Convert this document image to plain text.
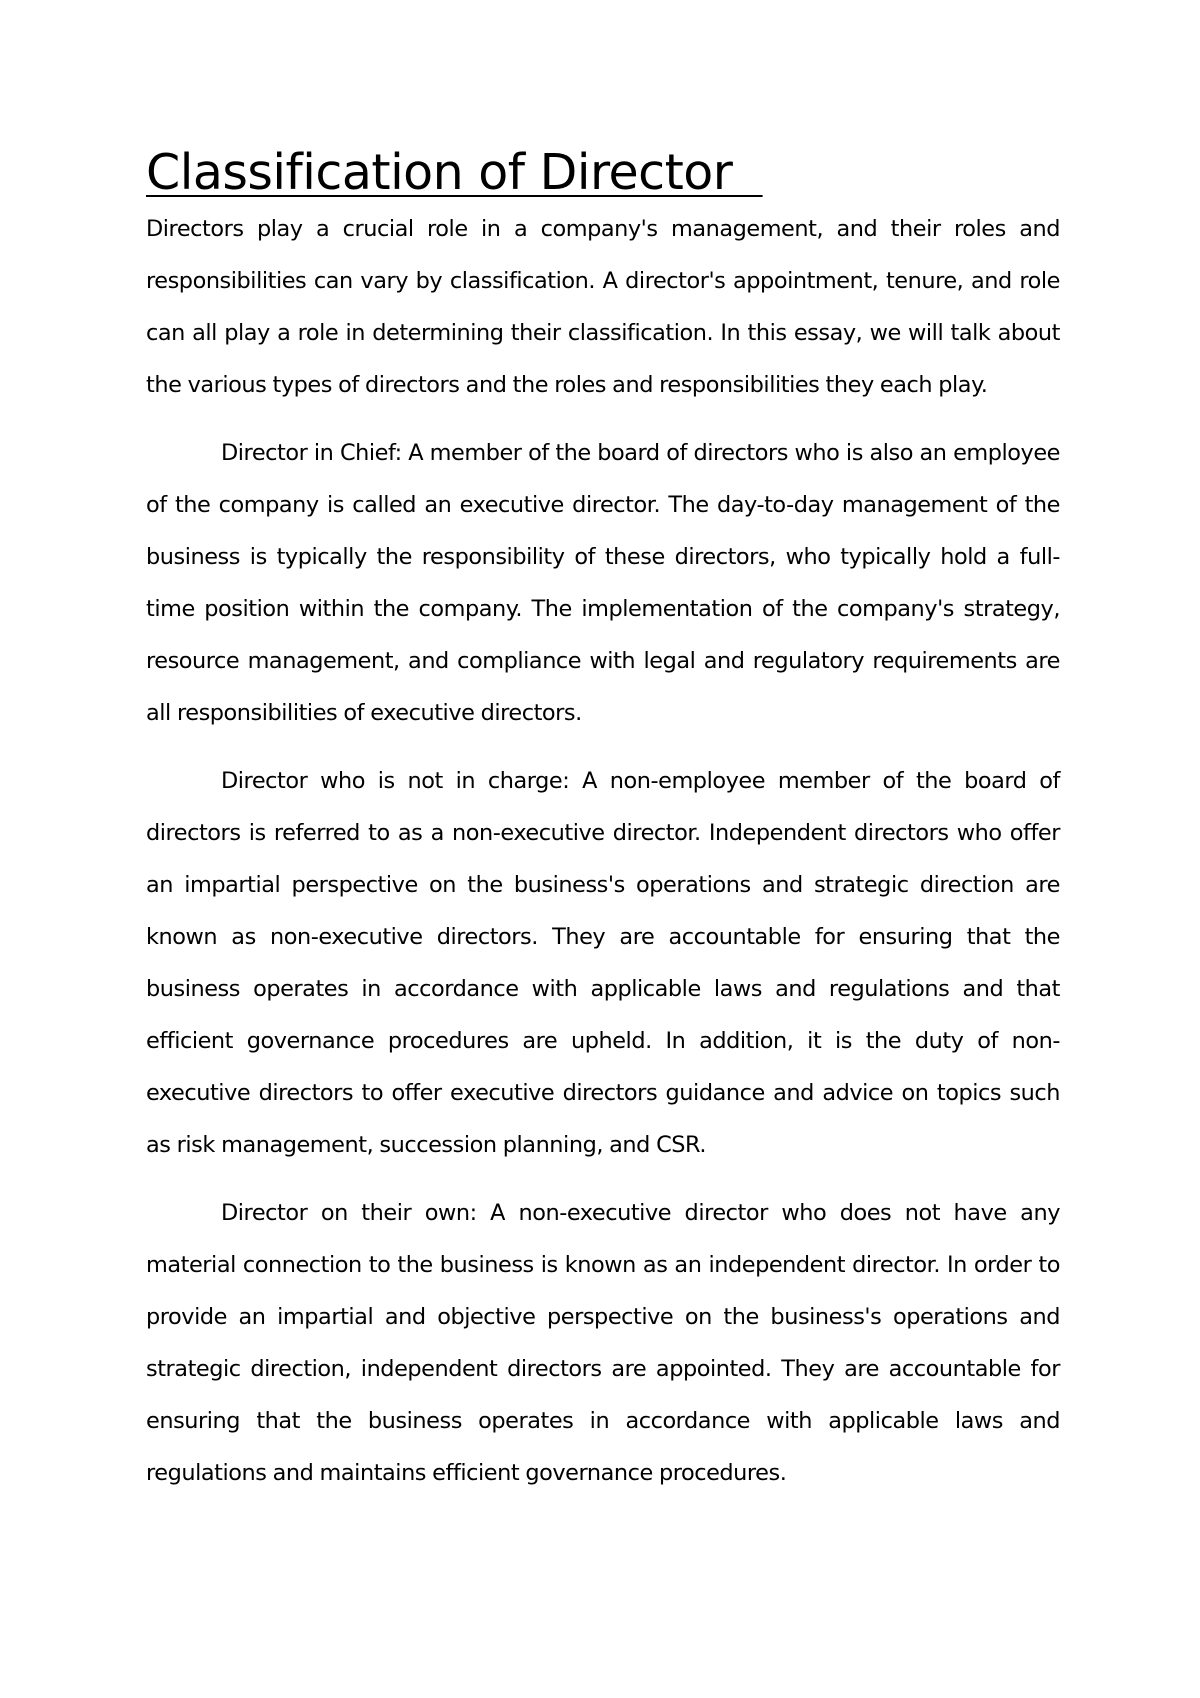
Classification of Director

Directors play a crucial role in a company's management, and their roles and responsibilities can vary by classification. A director's appointment, tenure, and role can all play a role in determining their classification. In this essay, we will talk about the various types of directors and the roles and responsibilities they each play.

Director in Chief: A member of the board of directors who is also an employee of the company is called an executive director. The day-to-day management of the business is typically the responsibility of these directors, who typically hold a full-time position within the company. The implementation of the company's strategy, resource management, and compliance with legal and regulatory requirements are all responsibilities of executive directors.

Director who is not in charge: A non-employee member of the board of directors is referred to as a non-executive director. Independent directors who offer an impartial perspective on the business's operations and strategic direction are known as non-executive directors. They are accountable for ensuring that the business operates in accordance with applicable laws and regulations and that efficient governance procedures are upheld. In addition, it is the duty of non-executive directors to offer executive directors guidance and advice on topics such as risk management, succession planning, and CSR.

Director on their own: A non-executive director who does not have any material connection to the business is known as an independent director. In order to provide an impartial and objective perspective on the business's operations and strategic direction, independent directors are appointed. They are accountable for ensuring that the business operates in accordance with applicable laws and regulations and maintains efficient governance procedures.
